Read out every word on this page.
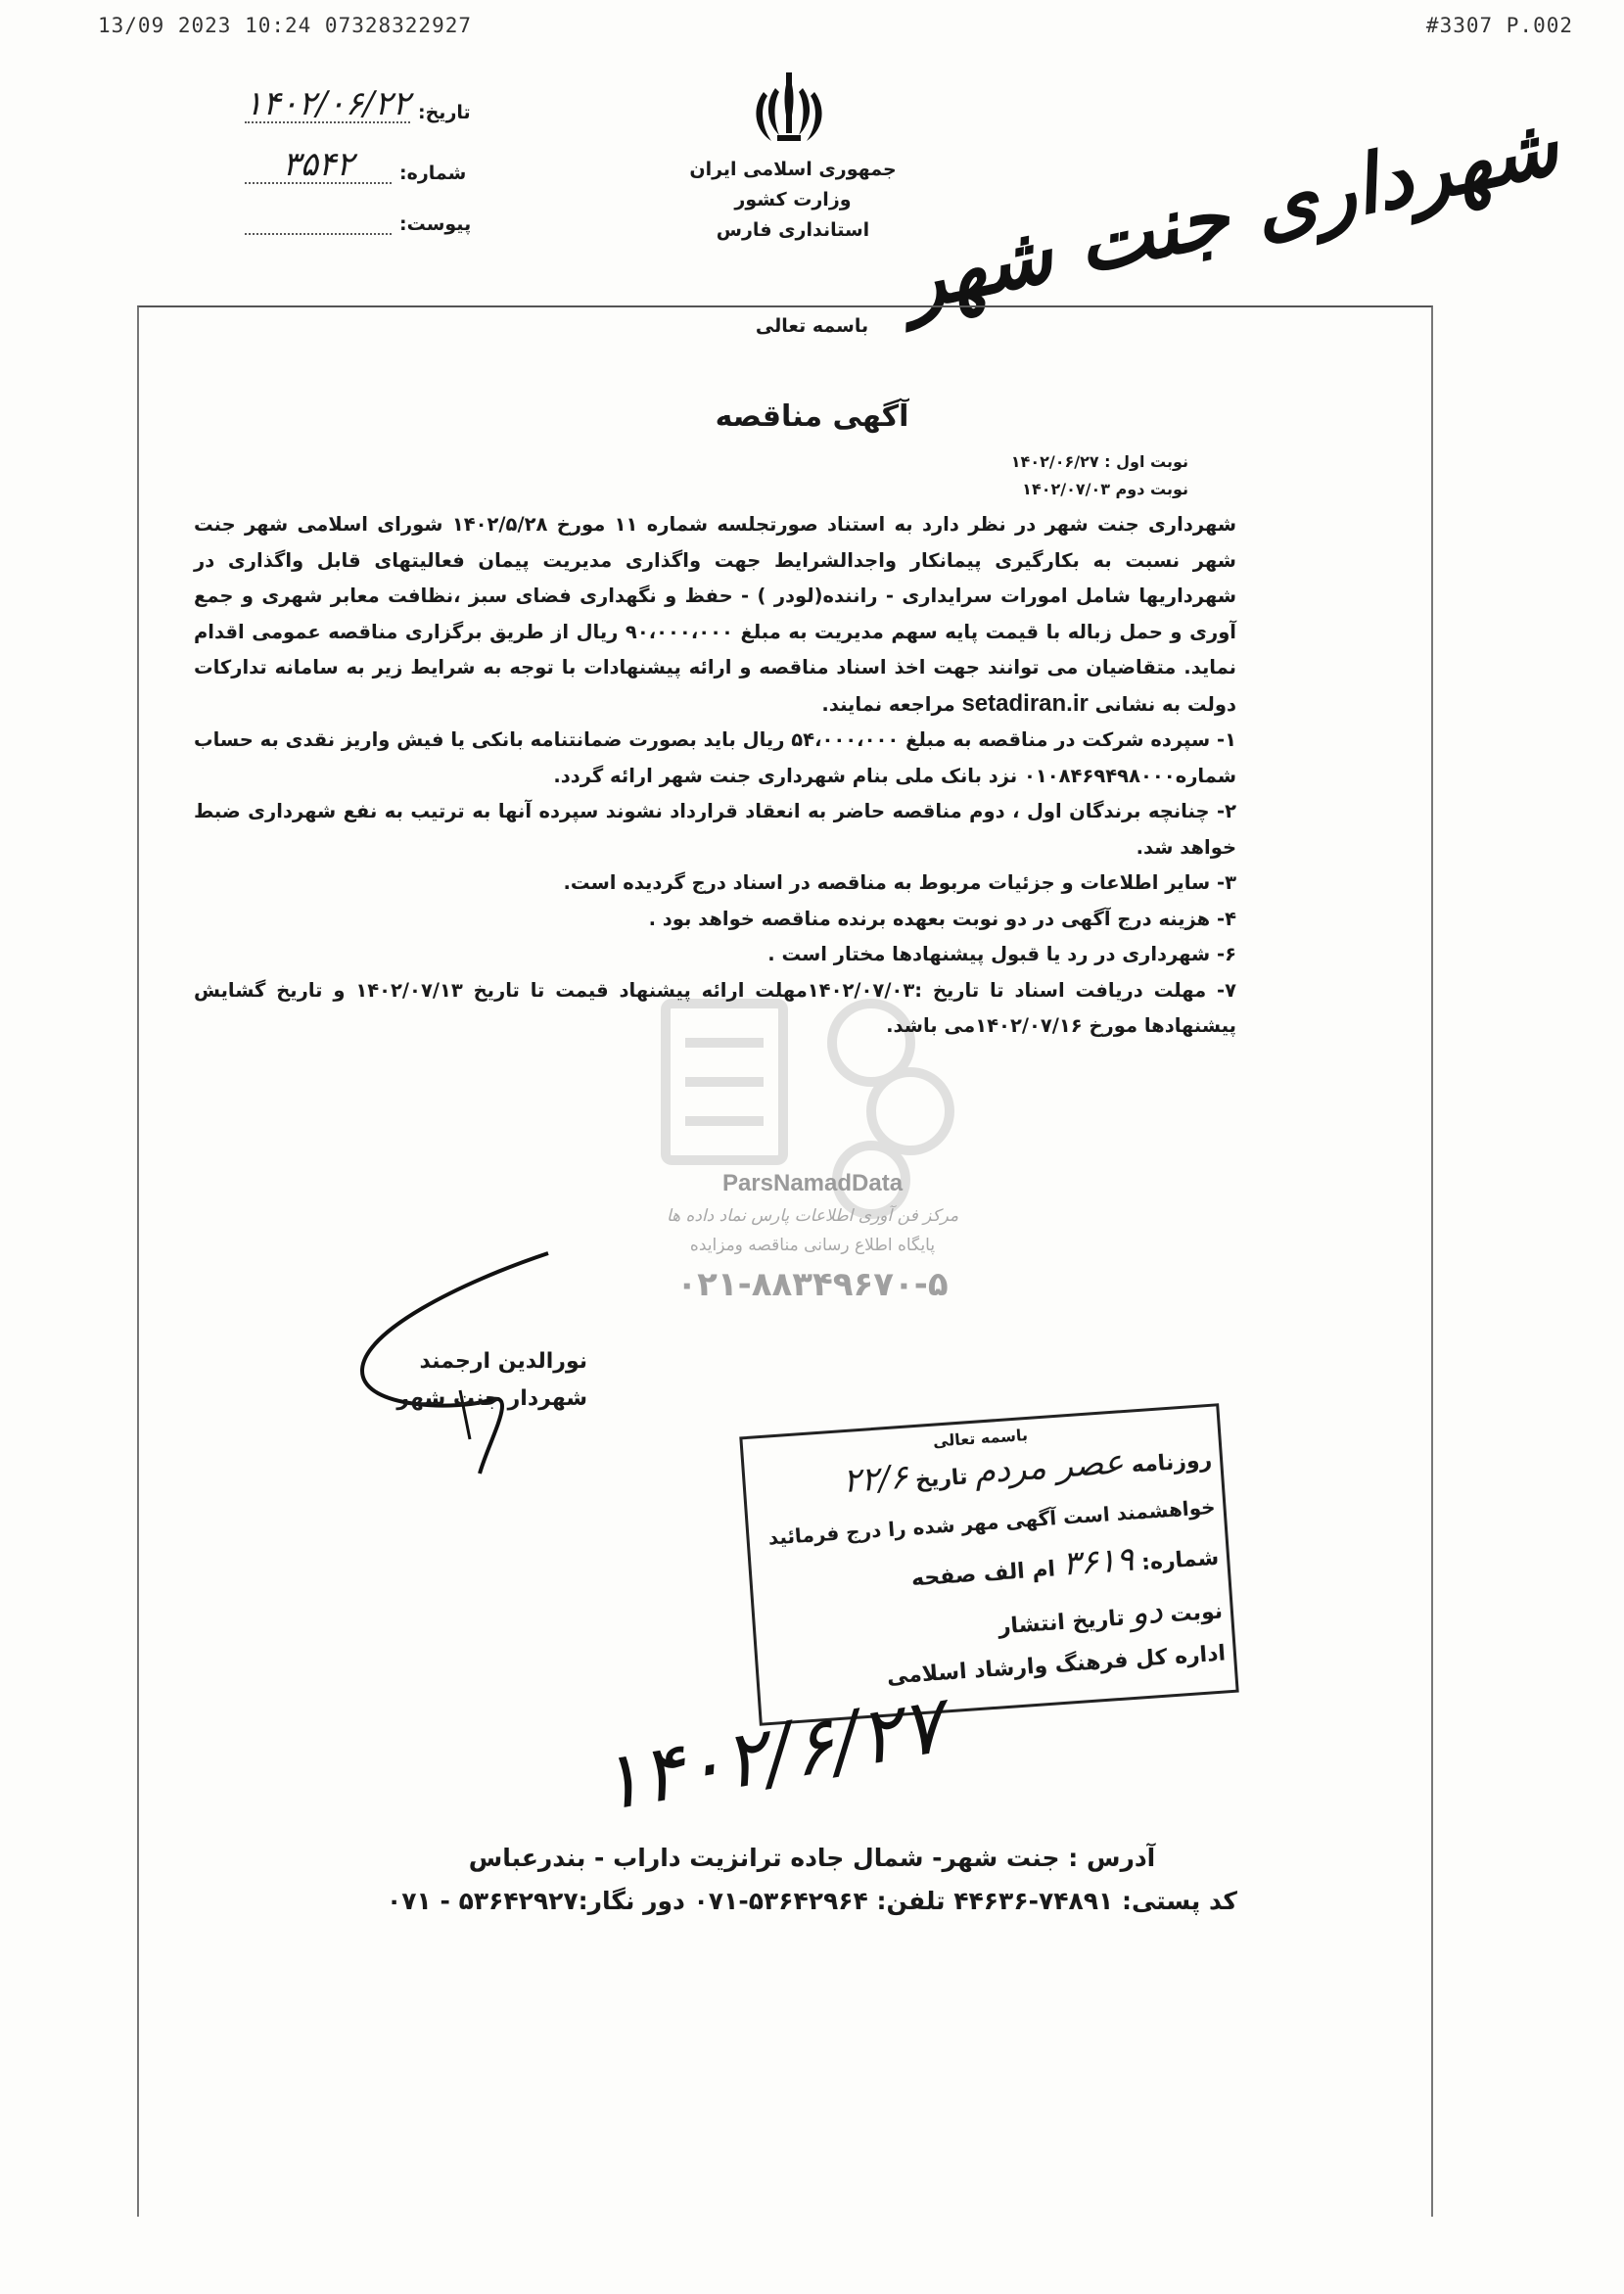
13/09 2023 10:24 07328322927	#3307 P.002
شهرداری جنت شهر
جمهوری اسلامی ایران
وزارت کشور
استانداری فارس
تاریخ:
۱۴۰۲/۰۶/۲۲
شماره:
۳۵۴۲
پیوست:
باسمه تعالی
آگهی مناقصه
نوبت اول : ۱۴۰۲/۰۶/۲۷
نوبت دوم ۱۴۰۲/۰۷/۰۳
ParsNamadData
مرکز فن آوری اطلاعات پارس نماد داده ها
پایگاه اطلاع رسانی مناقصه ومزایده
۰۲۱-۸۸۳۴۹۶۷۰-۵

شهرداری جنت شهر در نظر دارد به استناد صورتجلسه شماره ۱۱ مورخ ۱۴۰۲/۵/۲۸ شورای اسلامی شهر جنت شهر نسبت به بکارگیری پیمانکار واجدالشرایط جهت واگذاری مدیریت پیمان فعالیتهای قابل واگذاری در شهرداریها شامل امورات سرایداری - راننده(لودر ) - حفظ و نگهداری فضای سبز ،نظافت معابر شهری و جمع آوری و حمل زباله با قیمت پایه سهم مدیریت به مبلغ ۹۰،۰۰۰،۰۰۰ ریال از طریق برگزاری مناقصه عمومی اقدام نماید. متقاضیان می توانند جهت اخذ اسناد مناقصه و ارائه پیشنهادات با توجه به شرایط زیر به سامانه تدارکات دولت به نشانی setadiran.ir مراجعه نمایند.

۱- سپرده شرکت در مناقصه به مبلغ ۵۴،۰۰۰،۰۰۰ ریال باید بصورت ضمانتنامه بانکی یا فیش واریز نقدی به حساب شماره۰۱۰۸۴۶۹۴۹۸۰۰۰ نزد بانک ملی بنام شهرداری جنت شهر ارائه گردد.

۲- چنانچه برندگان اول ، دوم مناقصه حاضر به انعقاد قرارداد نشوند سپرده آنها به ترتیب به نفع شهرداری ضبط خواهد شد.

۳- سایر اطلاعات و جزئیات مربوط به مناقصه در اسناد درج گردیده است.

۴- هزینه درج آگهی در دو نوبت بعهده برنده مناقصه خواهد بود .

۶- شهرداری در رد یا قبول پیشنهادها مختار است .

۷- مهلت دریافت اسناد تا تاریخ :۱۴۰۲/۰۷/۰۳مهلت ارائه پیشنهاد قیمت تا تاریخ ۱۴۰۲/۰۷/۱۳ و تاریخ گشایش پیشنهادها مورخ ۱۴۰۲/۰۷/۱۶می باشد.

نورالدین ارجمند
شهردار جنت شهر
باسمه تعالی
روزنامه عصر مردم تاریخ ۲۲/۶
خواهشمند است آگهی مهر شده را درج فرمائید
شماره: ۳۶۱۹ ام الف صفحه
نوبت دو تاریخ انتشار
اداره کل فرهنگ وارشاد اسلامی
۱۴۰۲/۶/۲۷
آدرس : جنت شهر- شمال جاده ترانزیت داراب - بندرعباس
کد پستی: ۷۴۸۹۱-۴۴۶۳۶ تلفن: ۵۳۶۴۲۹۶۴-۰۷۱ دور نگار:۵۳۶۴۲۹۲۷ - ۰۷۱
